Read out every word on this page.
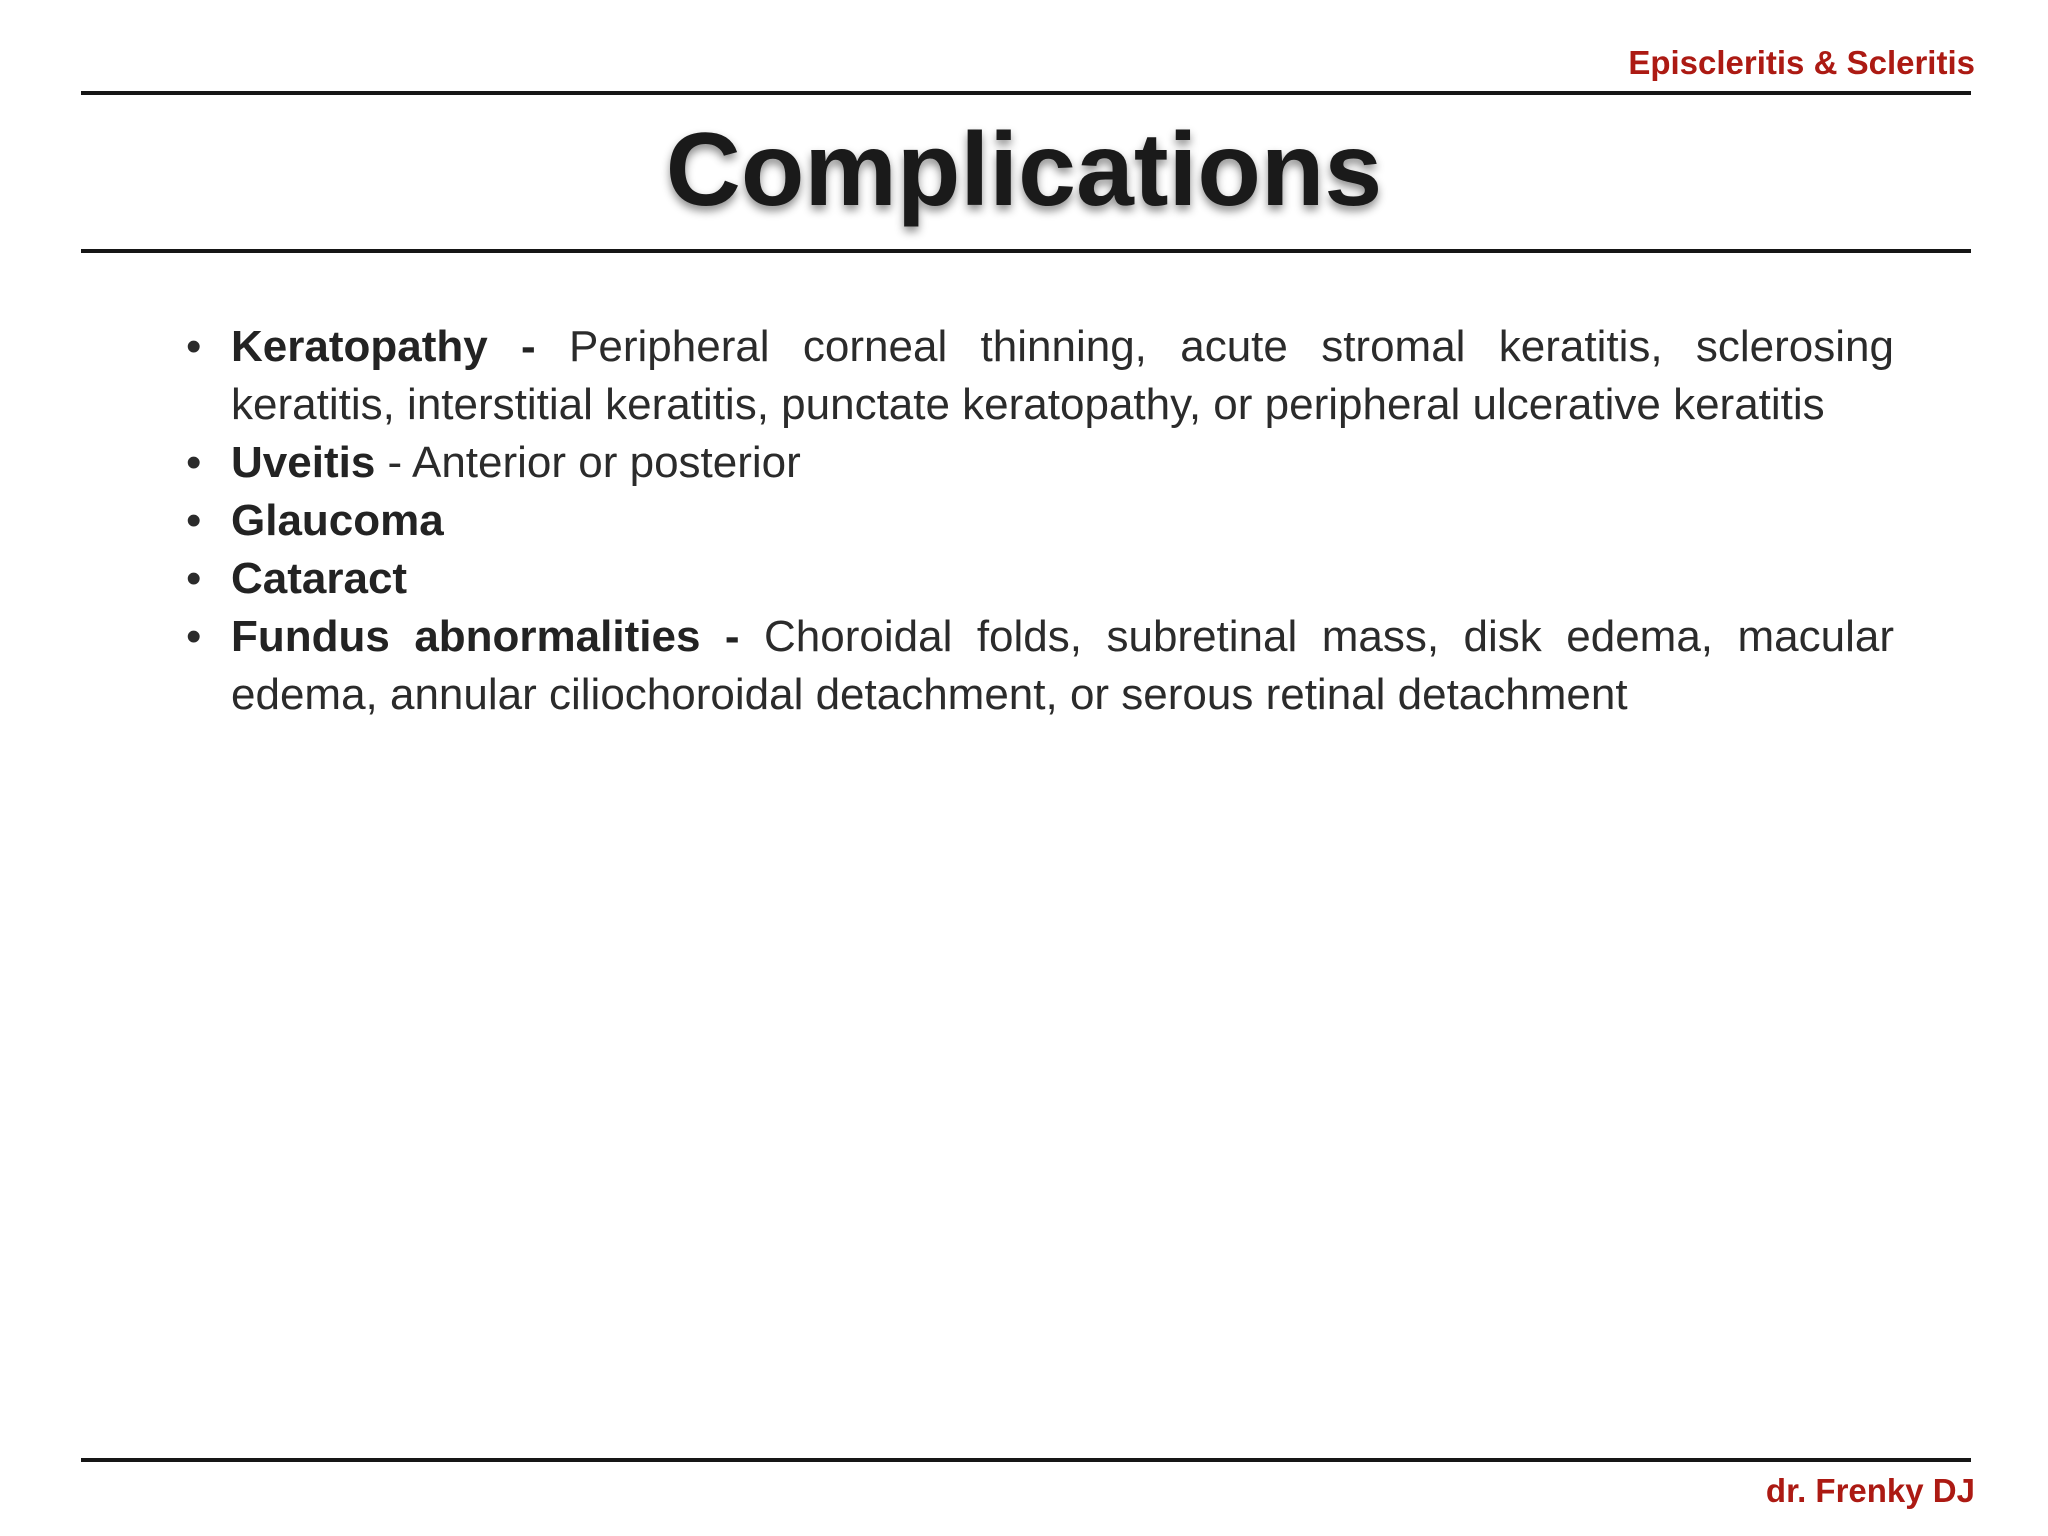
Episcleritis & Scleritis
Complications
• Keratopathy - Peripheral corneal thinning, acute stromal keratitis, sclerosing keratitis, interstitial keratitis, punctate keratopathy, or peripheral ulcerative keratitis
• Uveitis - Anterior or posterior
• Glaucoma
• Cataract
• Fundus abnormalities - Choroidal folds, subretinal mass, disk edema, macular edema, annular ciliochoroidal detachment, or serous retinal detachment
dr. Frenky DJ
